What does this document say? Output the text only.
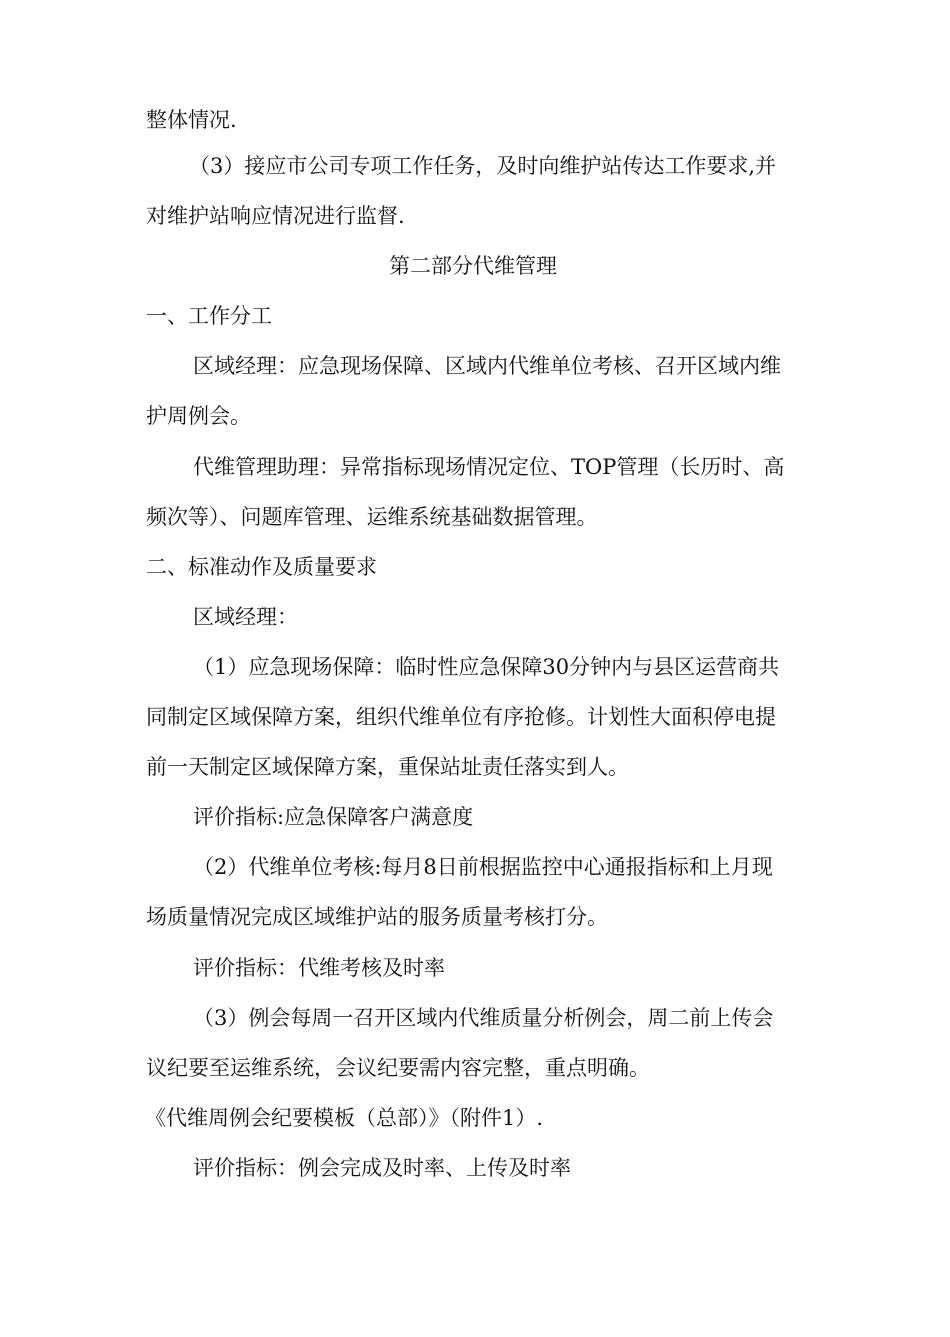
整体情况.
（3）接应市公司专项工作任务，及时向维护站传达工作要求,并
对维护站响应情况进行监督.
第二部分代维管理
一、工作分工
区域经理：应急现场保障、区域内代维单位考核、召开区域内维
护周例会。
代维管理助理：异常指标现场情况定位、TOP管理（长历时、高
频次等）、问题库管理、运维系统基础数据管理。
二、标准动作及质量要求
区域经理：
（1）应急现场保障：临时性应急保障30分钟内与县区运营商共
同制定区域保障方案，组织代维单位有序抢修。计划性大面积停电提
前一天制定区域保障方案，重保站址责任落实到人。
评价指标:应急保障客户满意度
（2）代维单位考核:每月8日前根据监控中心通报指标和上月现
场质量情况完成区域维护站的服务质量考核打分。
评价指标：代维考核及时率
（3）例会每周一召开区域内代维质量分析例会，周二前上传会
议纪要至运维系统，会议纪要需内容完整，重点明确。
《代维周例会纪要模板（总部）》（附件1）.
评价指标：例会完成及时率、上传及时率
